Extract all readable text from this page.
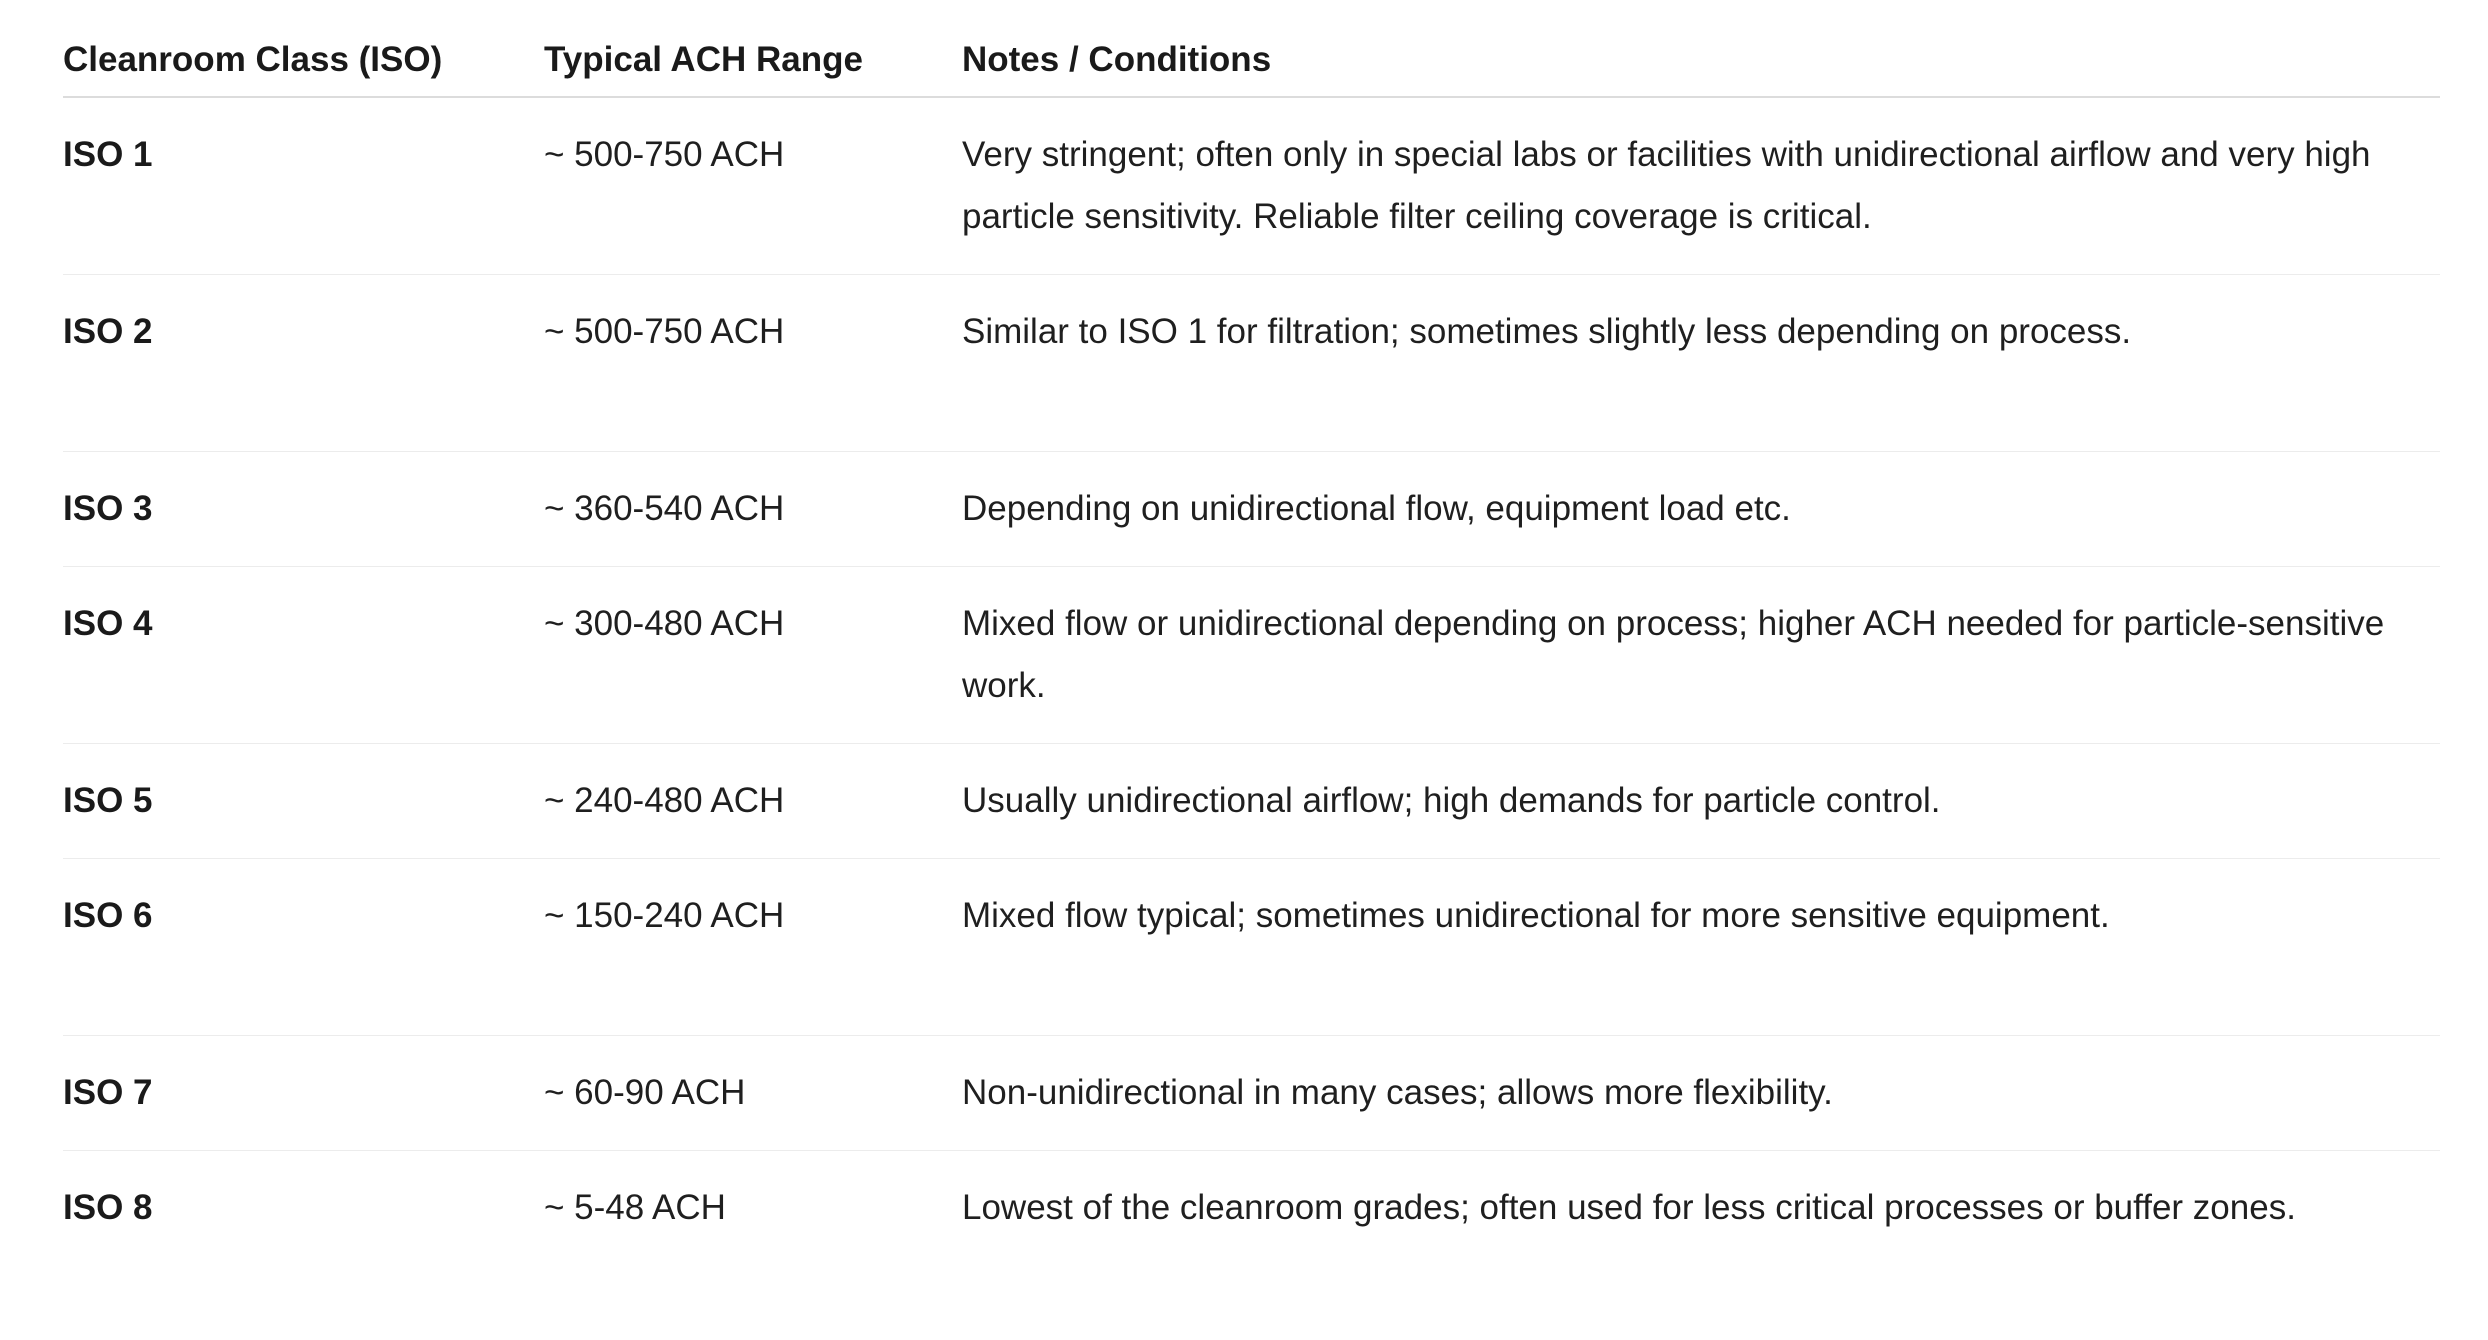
Cleanroom Class (ISO)	Typical ACH Range	Notes / Conditions

ISO 1	~ 500-750 ACH	Very stringent; often only in special labs or facilities with unidirectional airflow and very high particle sensitivity. Reliable filter ceiling coverage is critical.

ISO 2	~ 500-750 ACH	Similar to ISO 1 for filtration; sometimes slightly less depending on process.

ISO 3	~ 360-540 ACH	Depending on unidirectional flow, equipment load etc.

ISO 4	~ 300-480 ACH	Mixed flow or unidirectional depending on process; higher ACH needed for particle-sensitive work.

ISO 5	~ 240-480 ACH	Usually unidirectional airflow; high demands for particle control.

ISO 6	~ 150-240 ACH	Mixed flow typical; sometimes unidirectional for more sensitive equipment.

ISO 7	~ 60-90 ACH	Non-unidirectional in many cases; allows more flexibility.

ISO 8	~ 5-48 ACH	Lowest of the cleanroom grades; often used for less critical processes or buffer zones.
